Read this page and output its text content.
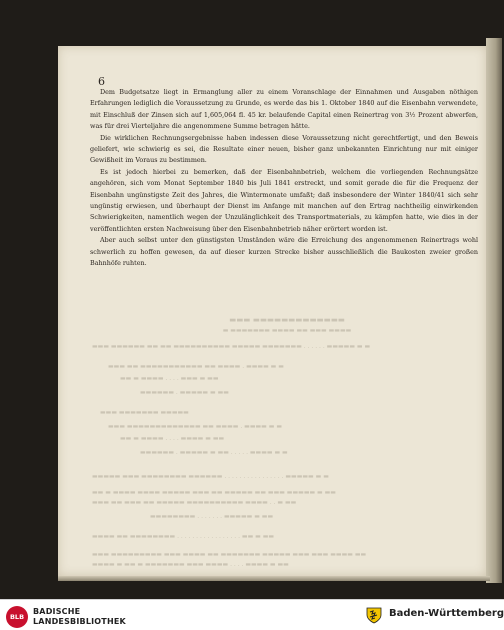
6

Dem Budgetsatze liegt in Ermanglung aller zu einem Voranschlage der Einnahmen und Ausgaben nöthigen Erfahrungen lediglich die Voraussetzung zu Grunde, es werde das bis 1. Oktober 1840 auf die Eisenbahn verwendete, mit Einschluß der Zinsen sich auf 1,605,064 fl. 45 kr. belaufende Capital einen Reinertrag von 3½ Prozent abwerfen, was für drei Vierteljahre die angenommene Summe betragen hätte.

Die wirklichen Rechnungsergebnisse haben indessen diese Voraussetzung nicht gerechtfertigt, und den Beweis geliefert, wie schwierig es sei, die Resultate einer neuen, bisher ganz unbekannten Einrichtung nur mit einiger Gewißheit im Voraus zu bestimmen.

Es ist jedoch hierbei zu bemerken, daß der Eisenbahnbetrieb, welchem die vorliegenden Rechnungsätze angehören, sich vom Monat September 1840 bis Juli 1841 erstreckt, und somit gerade die für die Frequenz der Eisenbahn ungünstigste Zeit des Jahres, die Wintermonate umfaßt; daß insbesondere der Winter 1840/41 sich sehr ungünstig erwiesen, und überhaupt der Dienst im Anfange mit manchen auf den Ertrag nachtheilig einwirkenden Schwierigkeiten, namentlich wegen der Unzulänglichkeit des Transportmaterials, zu kämpfen hatte, wie dies in der veröffentlichten ersten Nachweisung über den Eisenbahnbetrieb näher erörtert worden ist.

Aber auch selbst unter den günstigsten Umständen wäre die Erreichung des angenommenen Reinertrags wohl schwerlich zu hoffen gewesen, da auf dieser kurzen Strecke bisher ausschließlich die Baukosten zweier großen Bahnhöfe ruhten.

▬▬▬ ▬▬▬▬▬▬▬▬▬▬▬▬▬
▬ ▬▬▬▬▬▬▬ ▬▬▬▬ ▬▬ ▬▬▬ ▬▬▬▬
▬▬▬ ▬▬▬▬▬▬ ▬▬ ▬▬ ▬▬▬▬▬▬▬▬▬▬ ▬▬▬▬▬ ▬▬▬▬▬▬▬ . . . . . . ▬▬▬▬▬ ▬ ▬
▬▬▬ ▬▬ ▬▬▬▬▬▬▬▬▬▬▬ ▬▬ ▬▬▬▬ . ▬▬▬▬ ▬ ▬
▬▬ ▬ ▬▬▬▬ . . . . ▬▬▬ ▬ ▬▬
▬▬▬▬▬▬ . ▬▬▬▬▬ ▬ ▬▬
▬▬▬ ▬▬▬▬▬▬▬ ▬▬▬▬▬
▬▬▬ ▬▬▬▬▬▬▬▬▬▬▬▬▬ ▬▬ ▬▬▬▬ . ▬▬▬▬ ▬ ▬
▬▬ ▬ ▬▬▬▬ . . . . ▬▬▬▬ ▬ ▬▬
▬▬▬▬▬▬ . ▬▬▬▬▬ ▬ ▬▬ . . . . . ▬▬▬▬ ▬ ▬
▬▬▬▬▬ ▬▬▬ ▬▬▬▬▬▬▬▬ ▬▬▬▬▬▬ . . . . . . . . . . . . . . . . ▬▬▬▬▬ ▬ ▬
▬▬ ▬ ▬▬▬▬ ▬▬▬▬ ▬▬▬▬▬ ▬▬▬ ▬▬ ▬▬▬▬▬ ▬▬ ▬▬▬ ▬▬▬▬▬ ▬ ▬▬
▬▬▬ ▬▬ ▬▬▬ ▬▬ ▬▬▬▬▬ ▬▬▬▬▬▬▬▬▬▬ ▬▬▬▬ . . ▬ ▬▬
▬▬▬▬▬▬▬▬ . . . . . . . ▬▬▬▬▬ ▬ ▬▬
▬▬▬▬ ▬▬ ▬▬▬▬▬▬▬▬ . . . . . . . . . . . . . . . . . ▬▬ ▬ ▬▬
▬▬▬ ▬▬▬▬▬▬▬▬▬ ▬▬▬ ▬▬▬▬ ▬▬ ▬▬▬▬▬▬▬ ▬▬▬▬▬ ▬▬▬ ▬▬▬ ▬▬▬▬ ▬▬
▬▬▬▬ ▬ ▬▬ ▬ ▬▬▬▬▬▬▬ ▬▬▬ ▬▬▬▬ . . . . ▬▬▬▬ ▬ ▬▬
BLB
BADISCHE
LANDESBIBLIOTHEK
Baden-Württemberg
